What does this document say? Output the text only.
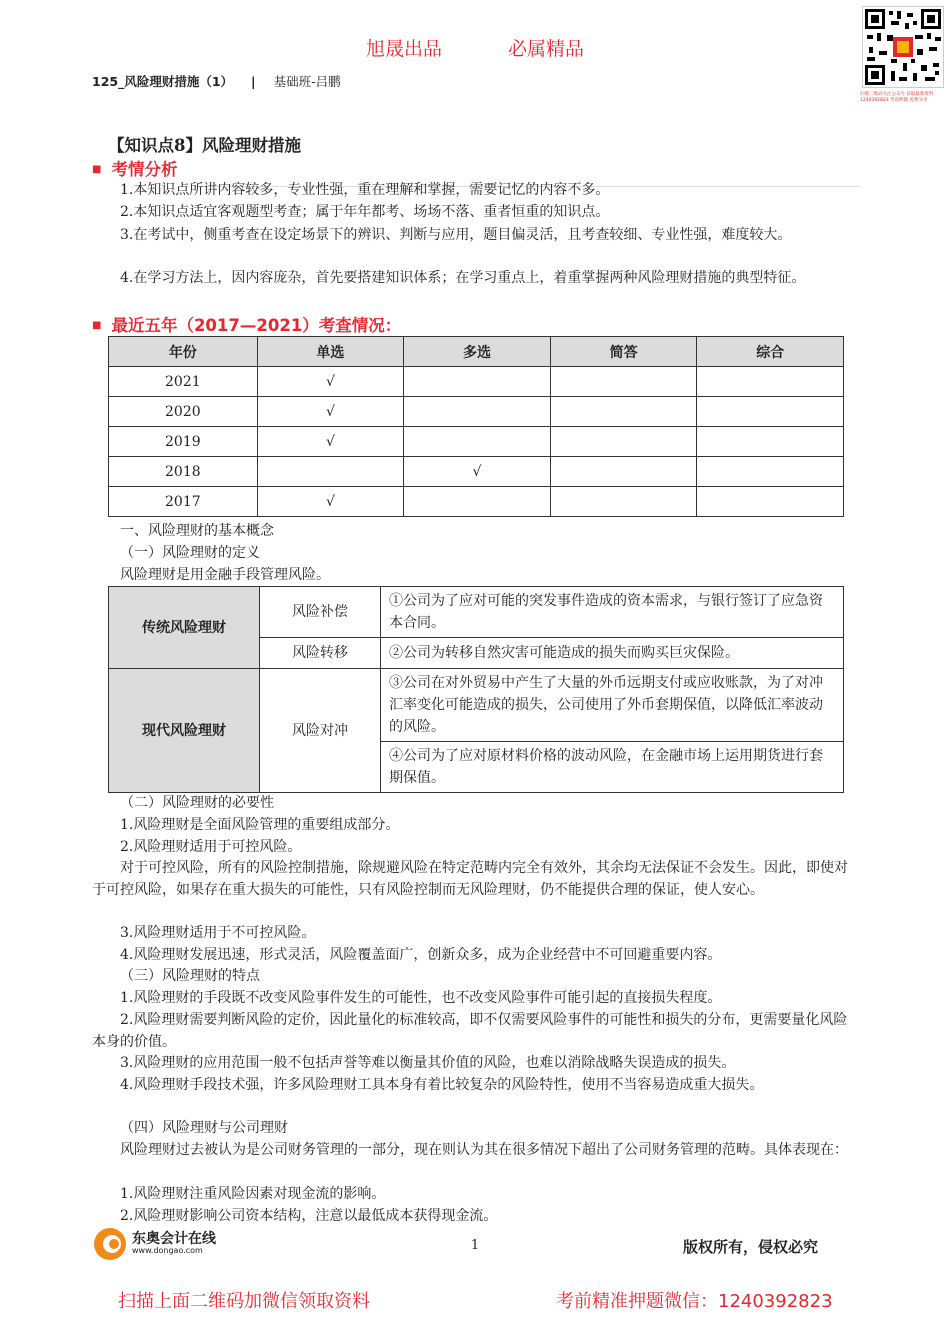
旭晟出品	必属精品
扫描二维码关注公众号 获取最新资料 1240392823 考前押题 免费分享
125_风险理财措施（1） | 基础班-吕鹏
【知识点8】风险理财措施
■ 考情分析
1.本知识点所讲内容较多，专业性强，重在理解和掌握，需要记忆的内容不多。
2.本知识点适宜客观题型考查；属于年年都考、场场不落、重者恒重的知识点。
3.在考试中，侧重考查在设定场景下的辨识、判断与应用，题目偏灵活，且考查较细、专业性强，难度较大。
4.在学习方法上，因内容庞杂，首先要搭建知识体系；在学习重点上，着重掌握两种风险理财措施的典型特征。
■ 最近五年（2017—2021）考查情况：
年份	单选	多选	简答	综合
2021	√			
2020	√			
2019	√			
2018		√		
2017	√			
一、风险理财的基本概念
（一）风险理财的定义
风险理财是用金融手段管理风险。
传统风险理财	风险补偿	①公司为了应对可能的突发事件造成的资本需求，与银行签订了应急资本合同。
	风险转移	②公司为转移自然灾害可能造成的损失而购买巨灾保险。
现代风险理财	风险对冲	③公司在对外贸易中产生了大量的外币远期支付或应收账款，为了对冲汇率变化可能造成的损失，公司使用了外币套期保值，以降低汇率波动的风险。
		④公司为了应对原材料价格的波动风险，在金融市场上运用期货进行套期保值。
（二）风险理财的必要性
1.风险理财是全面风险管理的重要组成部分。
2.风险理财适用于可控风险。
对于可控风险，所有的风险控制措施，除规避风险在特定范畴内完全有效外，其余均无法保证不会发生。因此，即使对于可控风险，如果存在重大损失的可能性，只有风险控制而无风险理财，仍不能提供合理的保证，使人安心。
3.风险理财适用于不可控风险。
4.风险理财发展迅速，形式灵活，风险覆盖面广，创新众多，成为企业经营中不可回避重要内容。
（三）风险理财的特点
1.风险理财的手段既不改变风险事件发生的可能性，也不改变风险事件可能引起的直接损失程度。
2.风险理财需要判断风险的定价，因此量化的标准较高，即不仅需要风险事件的可能性和损失的分布，更需要量化风险本身的价值。
3.风险理财的应用范围一般不包括声誉等难以衡量其价值的风险，也难以消除战略失误造成的损失。
4.风险理财手段技术强，许多风险理财工具本身有着比较复杂的风险特性，使用不当容易造成重大损失。
（四）风险理财与公司理财
风险理财过去被认为是公司财务管理的一部分，现在则认为其在很多情况下超出了公司财务管理的范畴。具体表现在：
1.风险理财注重风险因素对现金流的影响。
2.风险理财影响公司资本结构，注意以最低成本获得现金流。
东奥会计在线
www.dongao.com	1	版权所有，侵权必究
扫描上面二维码加微信领取资料	考前精准押题微信：1240392823
